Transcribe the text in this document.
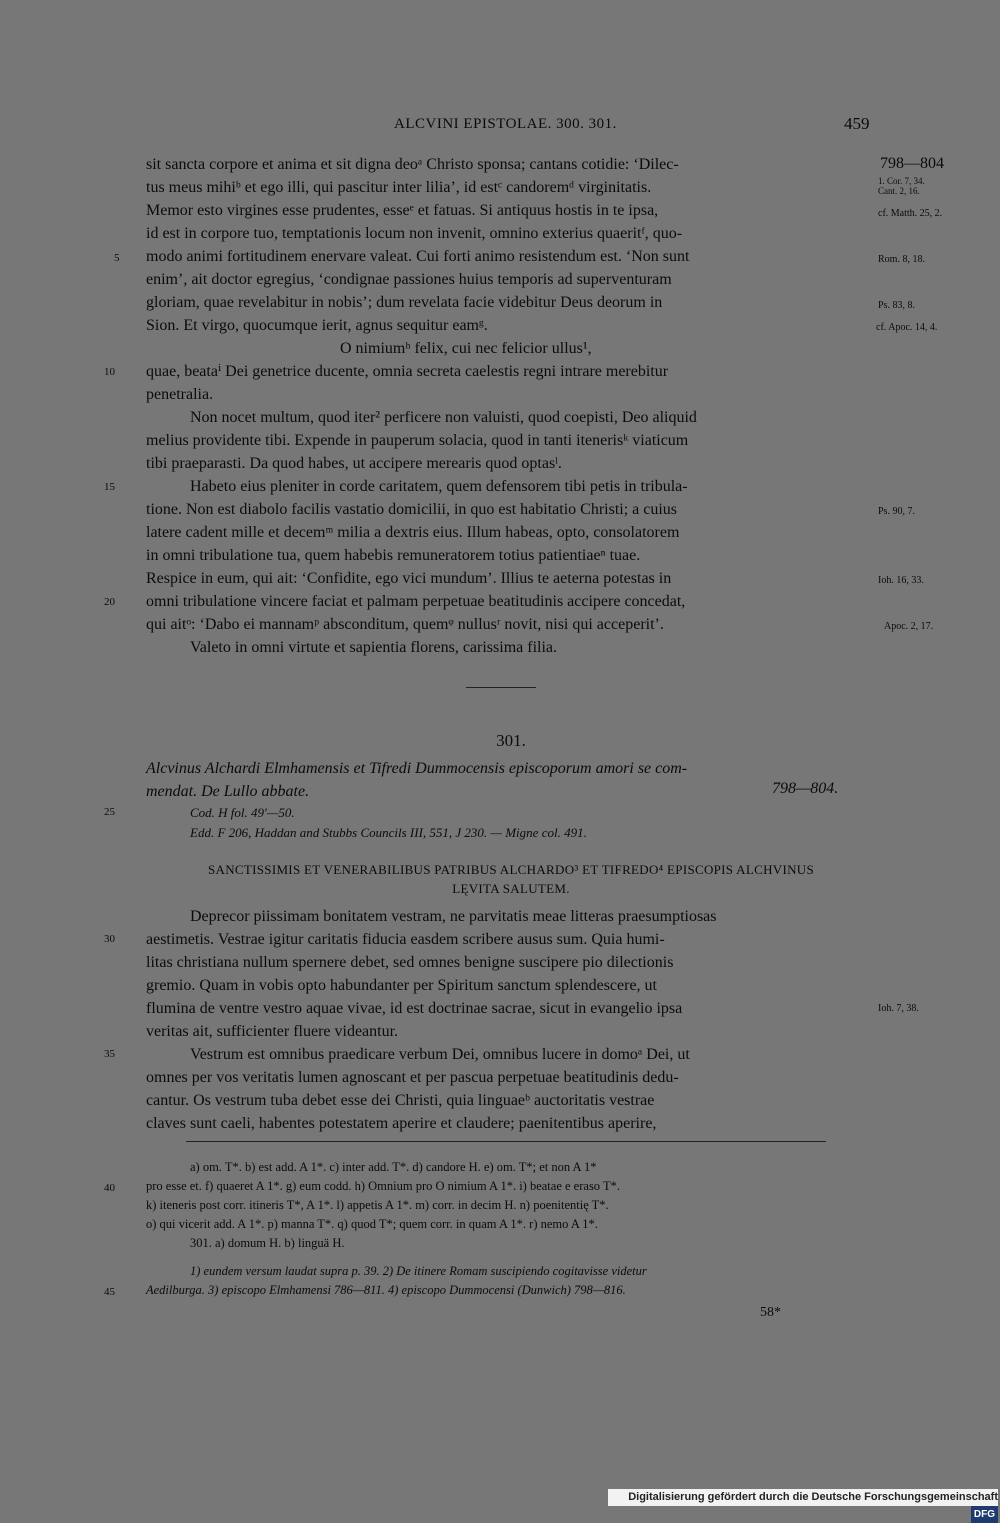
ALCVINI EPISTOLAE. 300. 301.	459
798—804
sit sancta corpore et anima et sit digna deoᵃ Christo sponsa; cantans cotidie: ‘Dilec-
tus meus mihiᵇ et ego illi, qui pascitur inter lilia’, id estᶜ candoremᵈ virginitatis.
Memor esto virgines esse prudentes, esseᵉ et fatuas. Si antiquus hostis in te ipsa,
id est in corpore tuo, temptationis locum non invenit, omnino exterius quaeritᶠ, quo-
modo animi fortitudinem enervare valeat. Cui forti animo resistendum est. ‘Non sunt
enim’, ait doctor egregius, ‘condignae passiones huius temporis ad superventuram
gloriam, quae revelabitur in nobis’; dum revelata facie videbitur Deus deorum in
Sion. Et virgo, quocumque ierit, agnus sequitur eamᵍ.
O nimiumʰ felix, cui nec felicior ullus¹,
quae, beataⁱ Dei genetrice ducente, omnia secreta caelestis regni intrare merebitur
penetralia.
Non nocet multum, quod iter² perficere non valuisti, quod coepisti, Deo aliquid
melius providente tibi. Expende in pauperum solacia, quod in tanti itenerisᵏ viaticum
tibi praeparasti. Da quod habes, ut accipere merearis quod optasˡ.
Habeto eius pleniter in corde caritatem, quem defensorem tibi petis in tribula-
tione. Non est diabolo facilis vastatio domicilii, in quo est habitatio Christi; a cuius
latere cadent mille et decemᵐ milia a dextris eius. Illum habeas, opto, consolatorem
in omni tribulatione tua, quem habebis remuneratorem totius patientiaeⁿ tuae.
Respice in eum, qui ait: ‘Confidite, ego vici mundum’. Illius te aeterna potestas in
omni tribulatione vincere faciat et palmam perpetuae beatitudinis accipere concedat,
qui aitᵒ: ‘Dabo ei mannamᵖ absconditum, quemᵠ nullusʳ novit, nisi qui acceperit’.
Valeto in omni virtute et sapientia florens, carissima filia.
1. Cor. 7, 34.
Cant. 2, 16.
cf. Matth. 25, 2.
Rom. 8, 18.
Ps. 83, 8.
cf. Apoc. 14, 4.
Ps. 90, 7.
Ioh. 16, 33.
Apoc. 2, 17.
Ioh. 7, 38.
5
10
15
20
25
30
35
40
45
301.
Alcvinus Alchardi Elmhamensis et Tifredi Dummocensis episcoporum amori se com-
mendat. De Lullo abbate.	798—804.
Cod. H fol. 49′—50.
Edd. F 206, Haddan and Stubbs Councils III, 551, J 230. — Migne col. 491.
SANCTISSIMIS ET VENERABILIBUS PATRIBUS ALCHARDO³ ET TIFREDO⁴ EPISCOPIS ALCHVINUS
LĘVITA SALUTEM.
Deprecor piissimam bonitatem vestram, ne parvitatis meae litteras praesumptiosas
aestimetis. Vestrae igitur caritatis fiducia easdem scribere ausus sum. Quia humi-
litas christiana nullum spernere debet, sed omnes benigne suscipere pio dilectionis
gremio. Quam in vobis opto habundanter per Spiritum sanctum splendescere, ut
flumina de ventre vestro aquae vivae, id est doctrinae sacrae, sicut in evangelio ipsa
veritas ait, sufficienter fluere videantur.
Vestrum est omnibus praedicare verbum Dei, omnibus lucere in domoᵃ Dei, ut
omnes per vos veritatis lumen agnoscant et per pascua perpetuae beatitudinis dedu-
cantur. Os vestrum tuba debet esse dei Christi, quia linguaeᵇ auctoritatis vestrae
claves sunt caeli, habentes potestatem aperire et claudere; paenitentibus aperire,
a) om. T*. b) est add. A 1*. c) inter add. T*. d) candore H. e) om. T*; et non A 1*
pro esse et. f) quaeret A 1*. g) eum codd. h) Omnium pro O nimium A 1*. i) beatae e eraso T*.
k) iteneris post corr. itineris T*, A 1*. l) appetis A 1*. m) corr. in decim H. n) poenitentię T*.
o) qui vicerit add. A 1*. p) manna T*. q) quod T*; quem corr. in quam A 1*. r) nemo A 1*.
301. a) domum H. b) linguä H.
1) eundem versum laudat supra p. 39. 2) De itinere Romam suscipiendo cogitavisse videtur
Aedilburga. 3) episcopo Elmhamensi 786—811. 4) episcopo Dummocensi (Dunwich) 798—816.
58*
Digitalisierung gefördert durch die Deutsche ForschungsgemeinschaftDFG
